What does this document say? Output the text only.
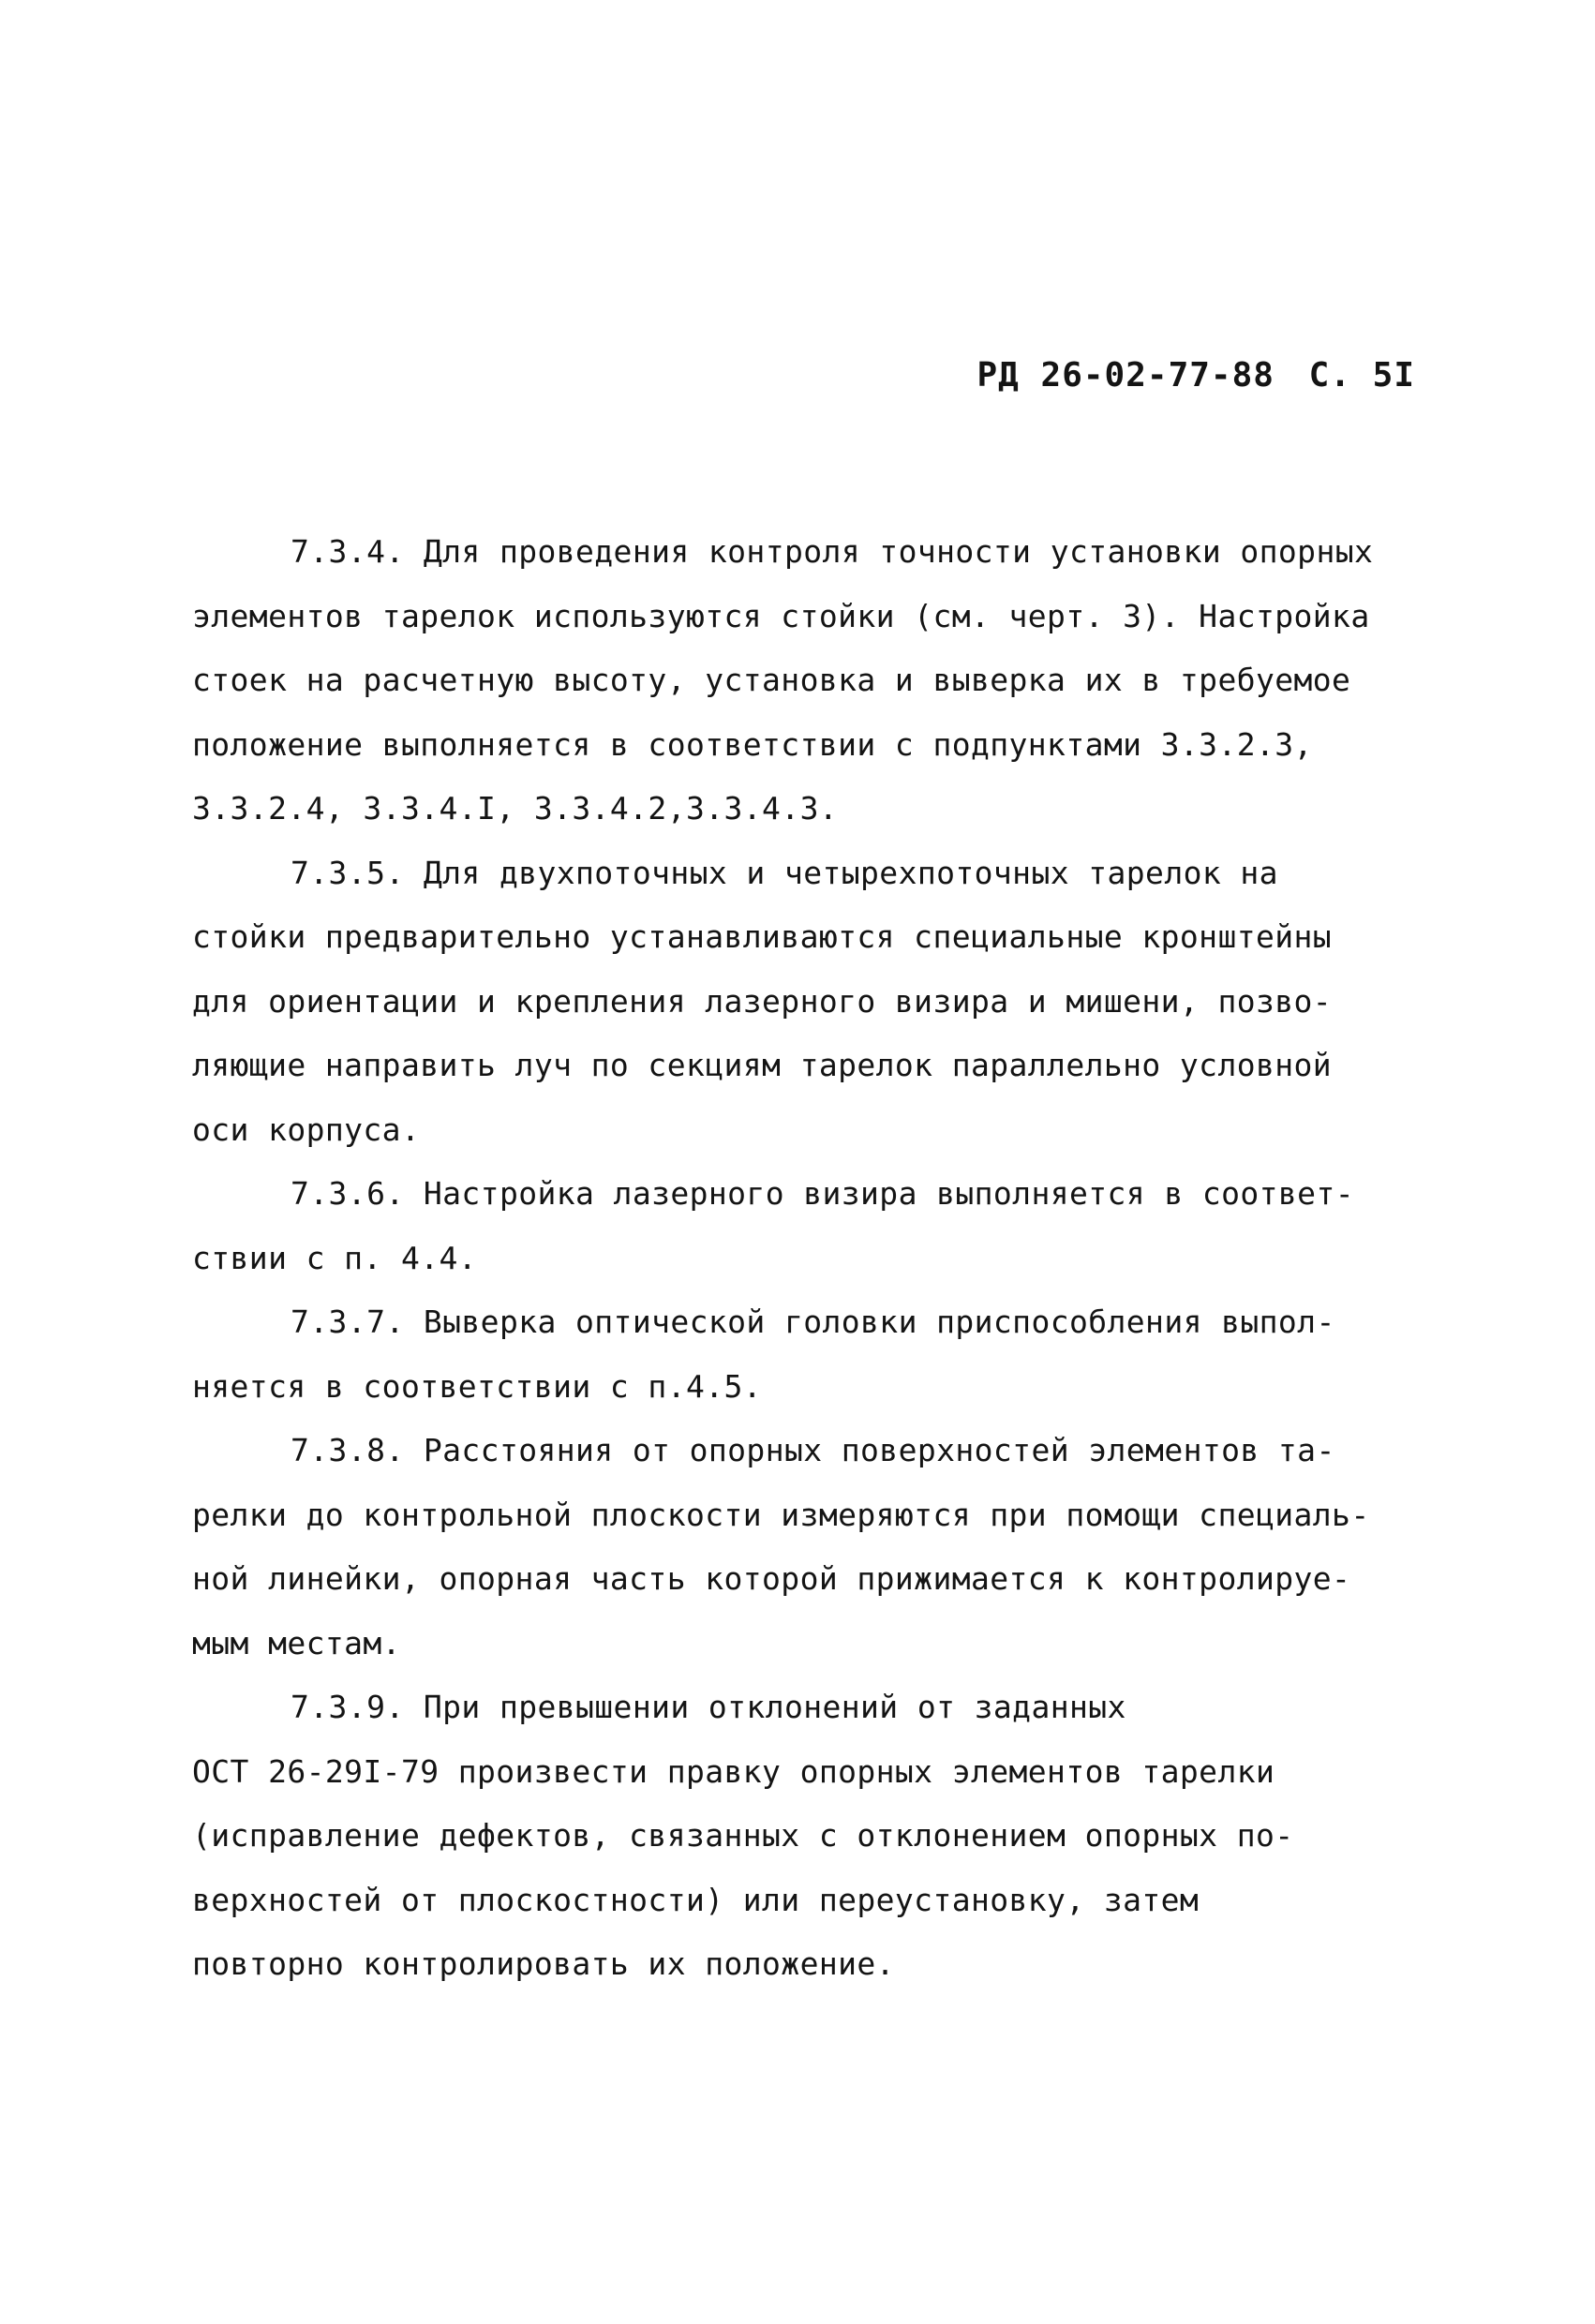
РД 26-02-77-88 С. 5I
7.3.4. Для проведения контроля точности установки опорных
элементов тарелок используются стойки (см. черт. 3). Настройка
стоек на расчетную высоту, установка и выверка их в требуемое
положение выполняется в соответствии с подпунктами 3.3.2.3,
3.3.2.4, 3.3.4.I, 3.3.4.2,3.3.4.3.
7.3.5. Для двухпоточных и четырехпоточных тарелок на
стойки предварительно устанавливаются специальные кронштейны
для ориентации и крепления лазерного визира и мишени, позво-
ляющие направить луч по секциям тарелок параллельно условной
оси корпуса.
7.3.6. Настройка лазерного визира выполняется в соответ-
ствии с п. 4.4.
7.3.7. Выверка оптической головки приспособления выпол-
няется в соответствии с п.4.5.
7.3.8. Расстояния от опорных поверхностей элементов та-
релки до контрольной плоскости измеряются при помощи специаль-
ной линейки, опорная часть которой прижимается к контролируе-
мым местам.
7.3.9. При превышении отклонений от заданных
ОСТ 26-29I-79 произвести правку опорных элементов тарелки
(исправление дефектов, связанных с отклонением опорных по-
верхностей от плоскостности) или переустановку, затем
повторно контролировать их положение.
